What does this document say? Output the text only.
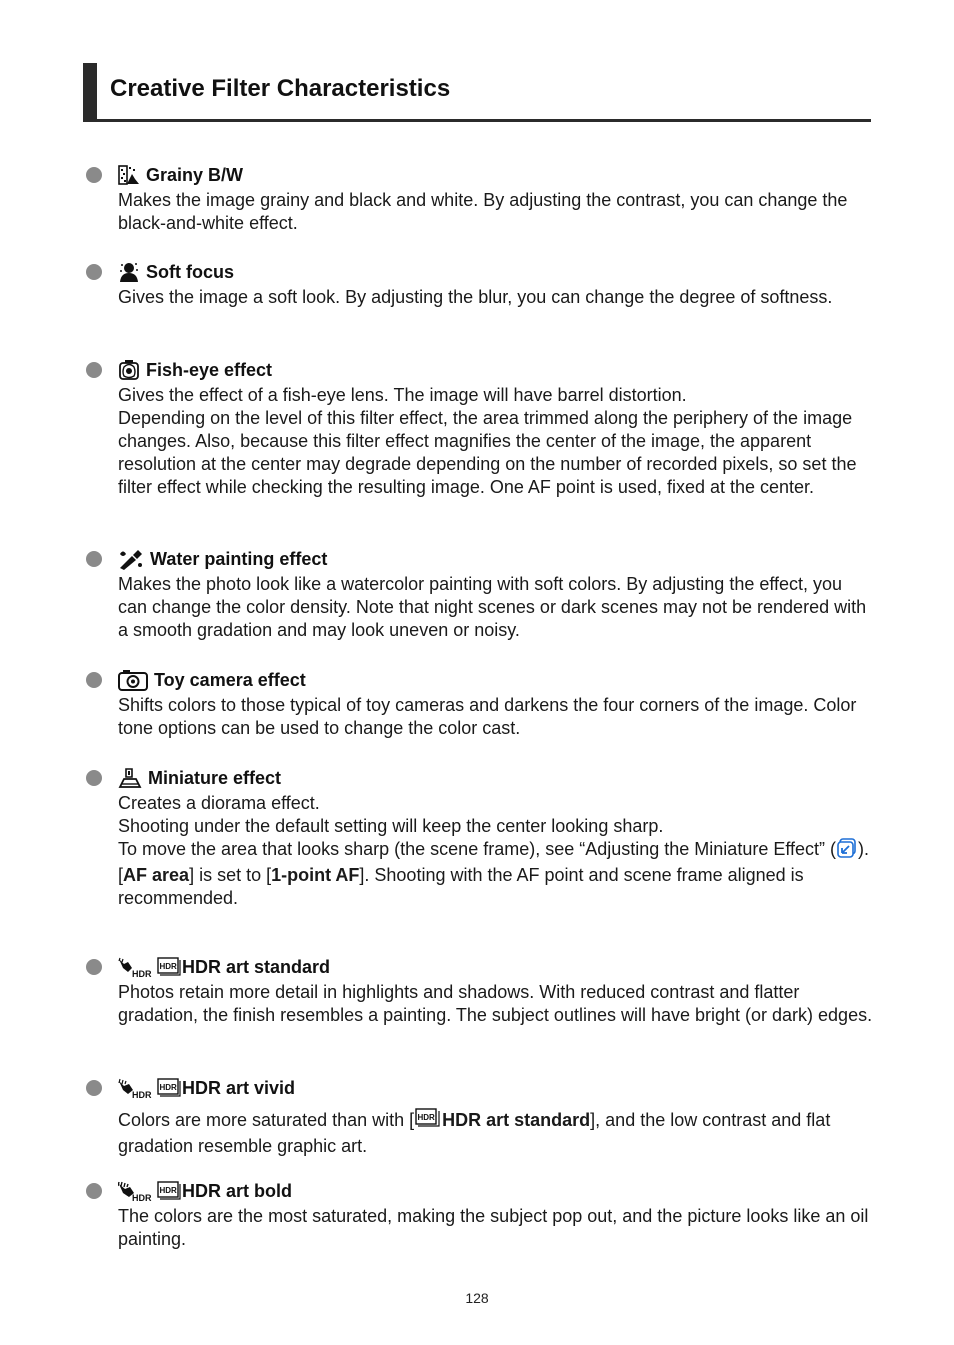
Creative Filter Characteristics
Grainy B/W

Makes the image grainy and black and white. By adjusting the contrast, you can change the black-and-white effect.

Soft focus

Gives the image a soft look. By adjusting the blur, you can change the degree of softness.

Fish-eye effect

Gives the effect of a fish-eye lens. The image will have barrel distortion.

Depending on the level of this filter effect, the area trimmed along the periphery of the image changes. Also, because this filter effect magnifies the center of the image, the apparent resolution at the center may degrade depending on the number of recorded pixels, so set the filter effect while checking the resulting image. One AF point is used, fixed at the center.

Water painting effect

Makes the photo look like a watercolor painting with soft colors. By adjusting the effect, you can change the color density. Note that night scenes or dark scenes may not be rendered with a smooth gradation and may look uneven or noisy.

Toy camera effect

Shifts colors to those typical of toy cameras and darkens the four corners of the image. Color tone options can be used to change the color cast.

Miniature effect

Creates a diorama effect.

Shooting under the default setting will keep the center looking sharp.

To move the area that looks sharp (the scene frame), see “Adjusting the Miniature Effect” ( ).

[AF area] is set to [1-point AF]. Shooting with the AF point and scene frame aligned is recommended.

HDR
HDR HDR art standard

Photos retain more detail in highlights and shadows. With reduced contrast and flatter gradation, the finish resembles a painting. The subject outlines will have bright (or dark) edges.

HDR
HDR HDR art vivid

Colors are more saturated than with [ HDR HDR art standard], and the low contrast and flat gradation resemble graphic art.

HDR
HDR HDR art bold

The colors are the most saturated, making the subject pop out, and the picture looks like an oil painting.

128
